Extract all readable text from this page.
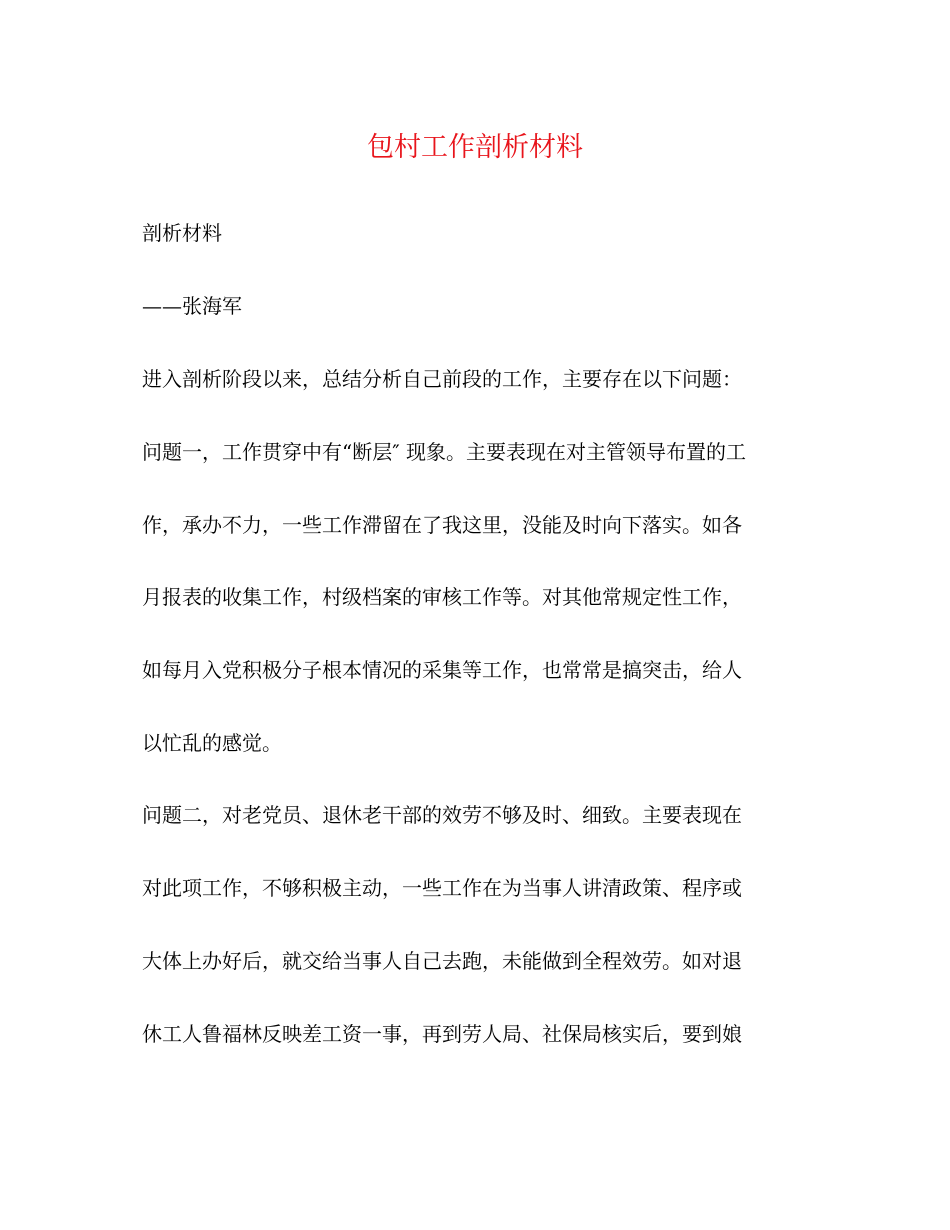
包村工作剖析材料
剖析材料
——张海军
进入剖析阶段以来，总结分析自己前段的工作，主要存在以下问题：
问题一，工作贯穿中有“断层″ 现象。主要表现在对主管领导布置的工
作，承办不力，一些工作滞留在了我这里，没能及时向下落实。如各
月报表的收集工作，村级档案的审核工作等。对其他常规定性工作，
如每月入党积极分子根本情况的采集等工作，也常常是搞突击，给人
以忙乱的感觉。
问题二，对老党员、退休老干部的效劳不够及时、细致。主要表现在
对此项工作，不够积极主动，一些工作在为当事人讲清政策、程序或
大体上办好后，就交给当事人自己去跑，未能做到全程效劳。如对退
休工人鲁福林反映差工资一事，再到劳人局、社保局核实后，要到娘
